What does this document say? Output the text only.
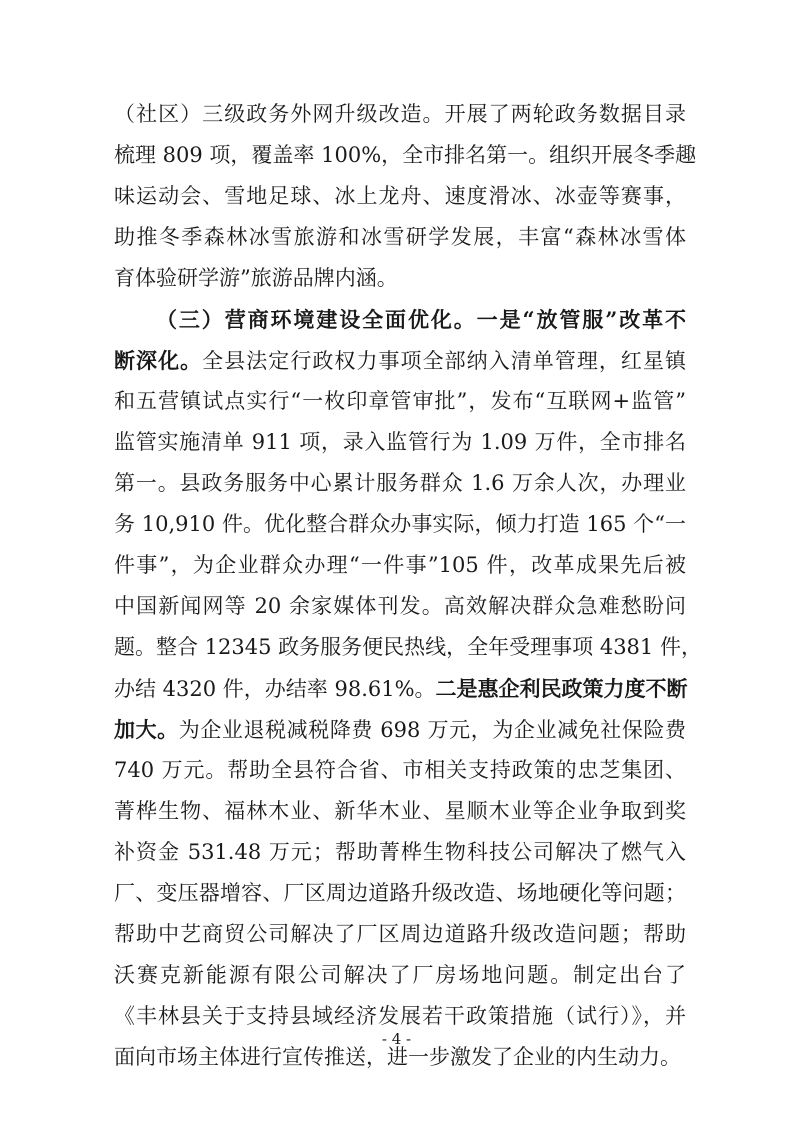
（社区）三级政务外网升级改造。开展了两轮政务数据目录
梳理 809 项，覆盖率 100%，全市排名第一。组织开展冬季趣
味运动会、雪地足球、冰上龙舟、速度滑冰、冰壶等赛事，
助推冬季森林冰雪旅游和冰雪研学发展，丰富“森林冰雪体
育体验研学游”旅游品牌内涵。
（三）营商环境建设全面优化。一是“放管服”改革不
断深化。全县法定行政权力事项全部纳入清单管理，红星镇
和五营镇试点实行“一枚印章管审批”，发布“互联网+监管”
监管实施清单 911 项，录入监管行为 1.09 万件，全市排名
第一。县政务服务中心累计服务群众 1.6 万余人次，办理业
务 10,910 件。优化整合群众办事实际，倾力打造 165 个“一
件事”，为企业群众办理“一件事”105 件，改革成果先后被
中国新闻网等 20 余家媒体刊发。高效解决群众急难愁盼问
题。整合 12345 政务服务便民热线，全年受理事项 4381 件，
办结 4320 件，办结率 98.61%。二是惠企利民政策力度不断
加大。为企业退税减税降费 698 万元，为企业减免社保险费
740 万元。帮助全县符合省、市相关支持政策的忠芝集团、
菁桦生物、福林木业、新华木业、星顺木业等企业争取到奖
补资金 531.48 万元；帮助菁桦生物科技公司解决了燃气入
厂、变压器增容、厂区周边道路升级改造、场地硬化等问题；
帮助中艺商贸公司解决了厂区周边道路升级改造问题；帮助
沃赛克新能源有限公司解决了厂房场地问题。制定出台了
《丰林县关于支持县域经济发展若干政策措施（试行）》，并
面向市场主体进行宣传推送，进一步激发了企业的内生动力。
- 4 -
